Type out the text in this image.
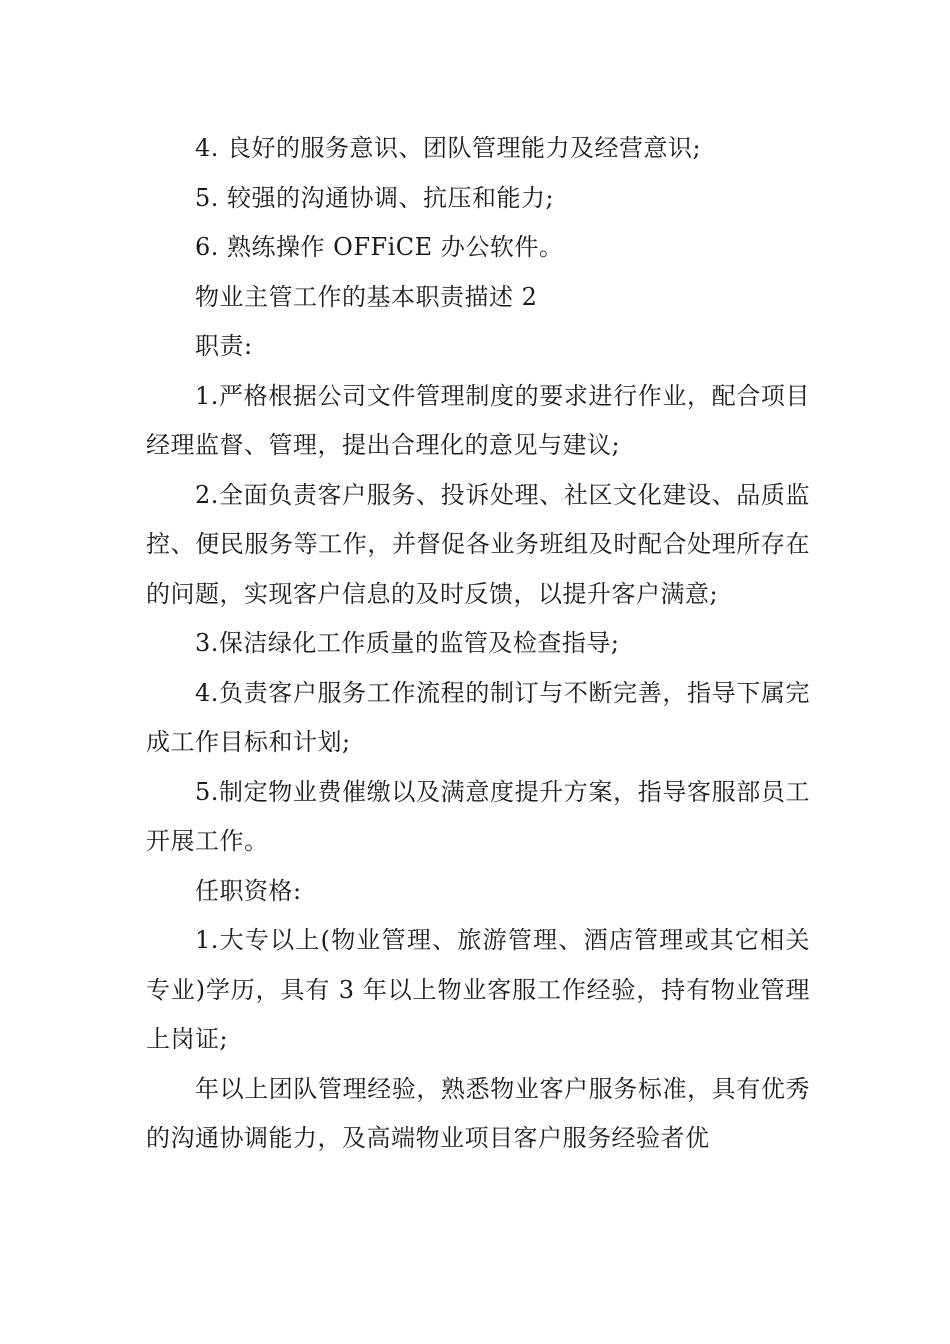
4. 良好的服务意识、团队管理能力及经营意识;

5. 较强的沟通协调、抗压和能力;

6. 熟练操作 OFFiCE 办公软件。

物业主管工作的基本职责描述 2

职责:

1.严格根据公司文件管理制度的要求进行作业，配合项目经理监督、管理，提出合理化的意见与建议;

2.全面负责客户服务、投诉处理、社区文化建设、品质监控、便民服务等工作，并督促各业务班组及时配合处理所存在的问题，实现客户信息的及时反馈，以提升客户满意;

3.保洁绿化工作质量的监管及检查指导;

4.负责客户服务工作流程的制订与不断完善，指导下属完成工作目标和计划;

5.制定物业费催缴以及满意度提升方案，指导客服部员工开展工作。

任职资格:

1.大专以上(物业管理、旅游管理、酒店管理或其它相关专业)学历，具有 3 年以上物业客服工作经验，持有物业管理上岗证;

年以上团队管理经验，熟悉物业客户服务标准，具有优秀的沟通协调能力，及高端物业项目客户服务经验者优
